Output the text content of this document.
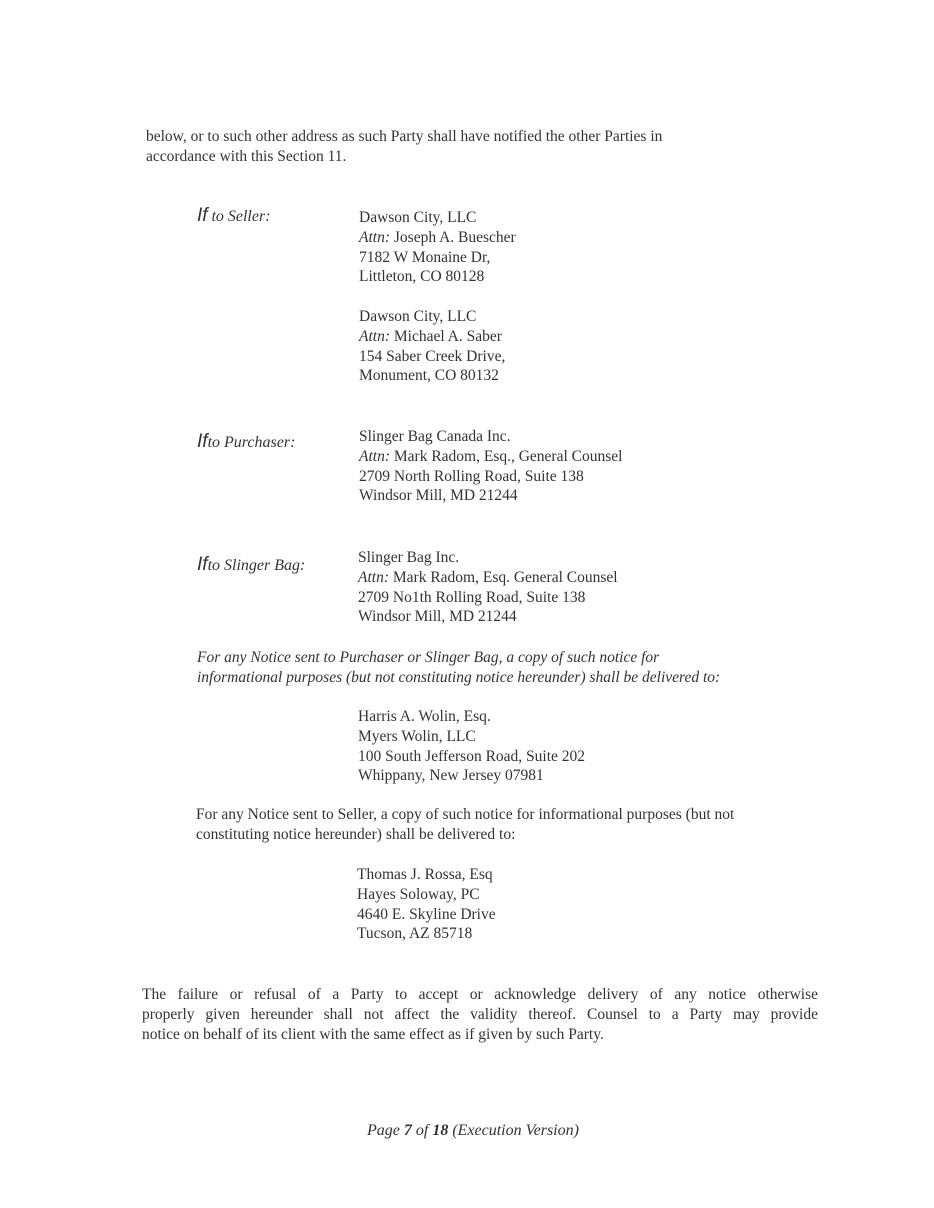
below, or to such other address as such Party shall have notified the other Parties in
accordance with this Section 11.
If to Seller:	Dawson City, LLC
Attn: Joseph A. Buescher
7182 W Monaine Dr,
Littleton, CO 80128
Dawson City, LLC
Attn: Michael A. Saber
154 Saber Creek Drive,
Monument, CO 80132
Ifto Purchaser:	Slinger Bag Canada Inc.
Attn: Mark Radom, Esq., General Counsel
2709 North Rolling Road, Suite 138
Windsor Mill, MD 21244
Ifto Slinger Bag:	Slinger Bag Inc.
Attn: Mark Radom, Esq. General Counsel
2709 No1th Rolling Road, Suite 138
Windsor Mill, MD 21244
For any Notice sent to Purchaser or Slinger Bag, a copy of such notice for
informational purposes (but not constituting notice hereunder) shall be delivered to:
Harris A. Wolin, Esq.
Myers Wolin, LLC
100 South Jefferson Road, Suite 202
Whippany, New Jersey 07981
For any Notice sent to Seller, a copy of such notice for informational purposes (but not
constituting notice hereunder) shall be delivered to:
Thomas J. Rossa, Esq
Hayes Soloway, PC
4640 E. Skyline Drive
Tucson, AZ 85718
The failure or refusal of a Party to accept or acknowledge delivery of any notice otherwise
properly given hereunder shall not affect the validity thereof. Counsel to a Party may provide
notice on behalf of its client with the same effect as if given by such Party.
Page 7 of 18 (Execution Version)
